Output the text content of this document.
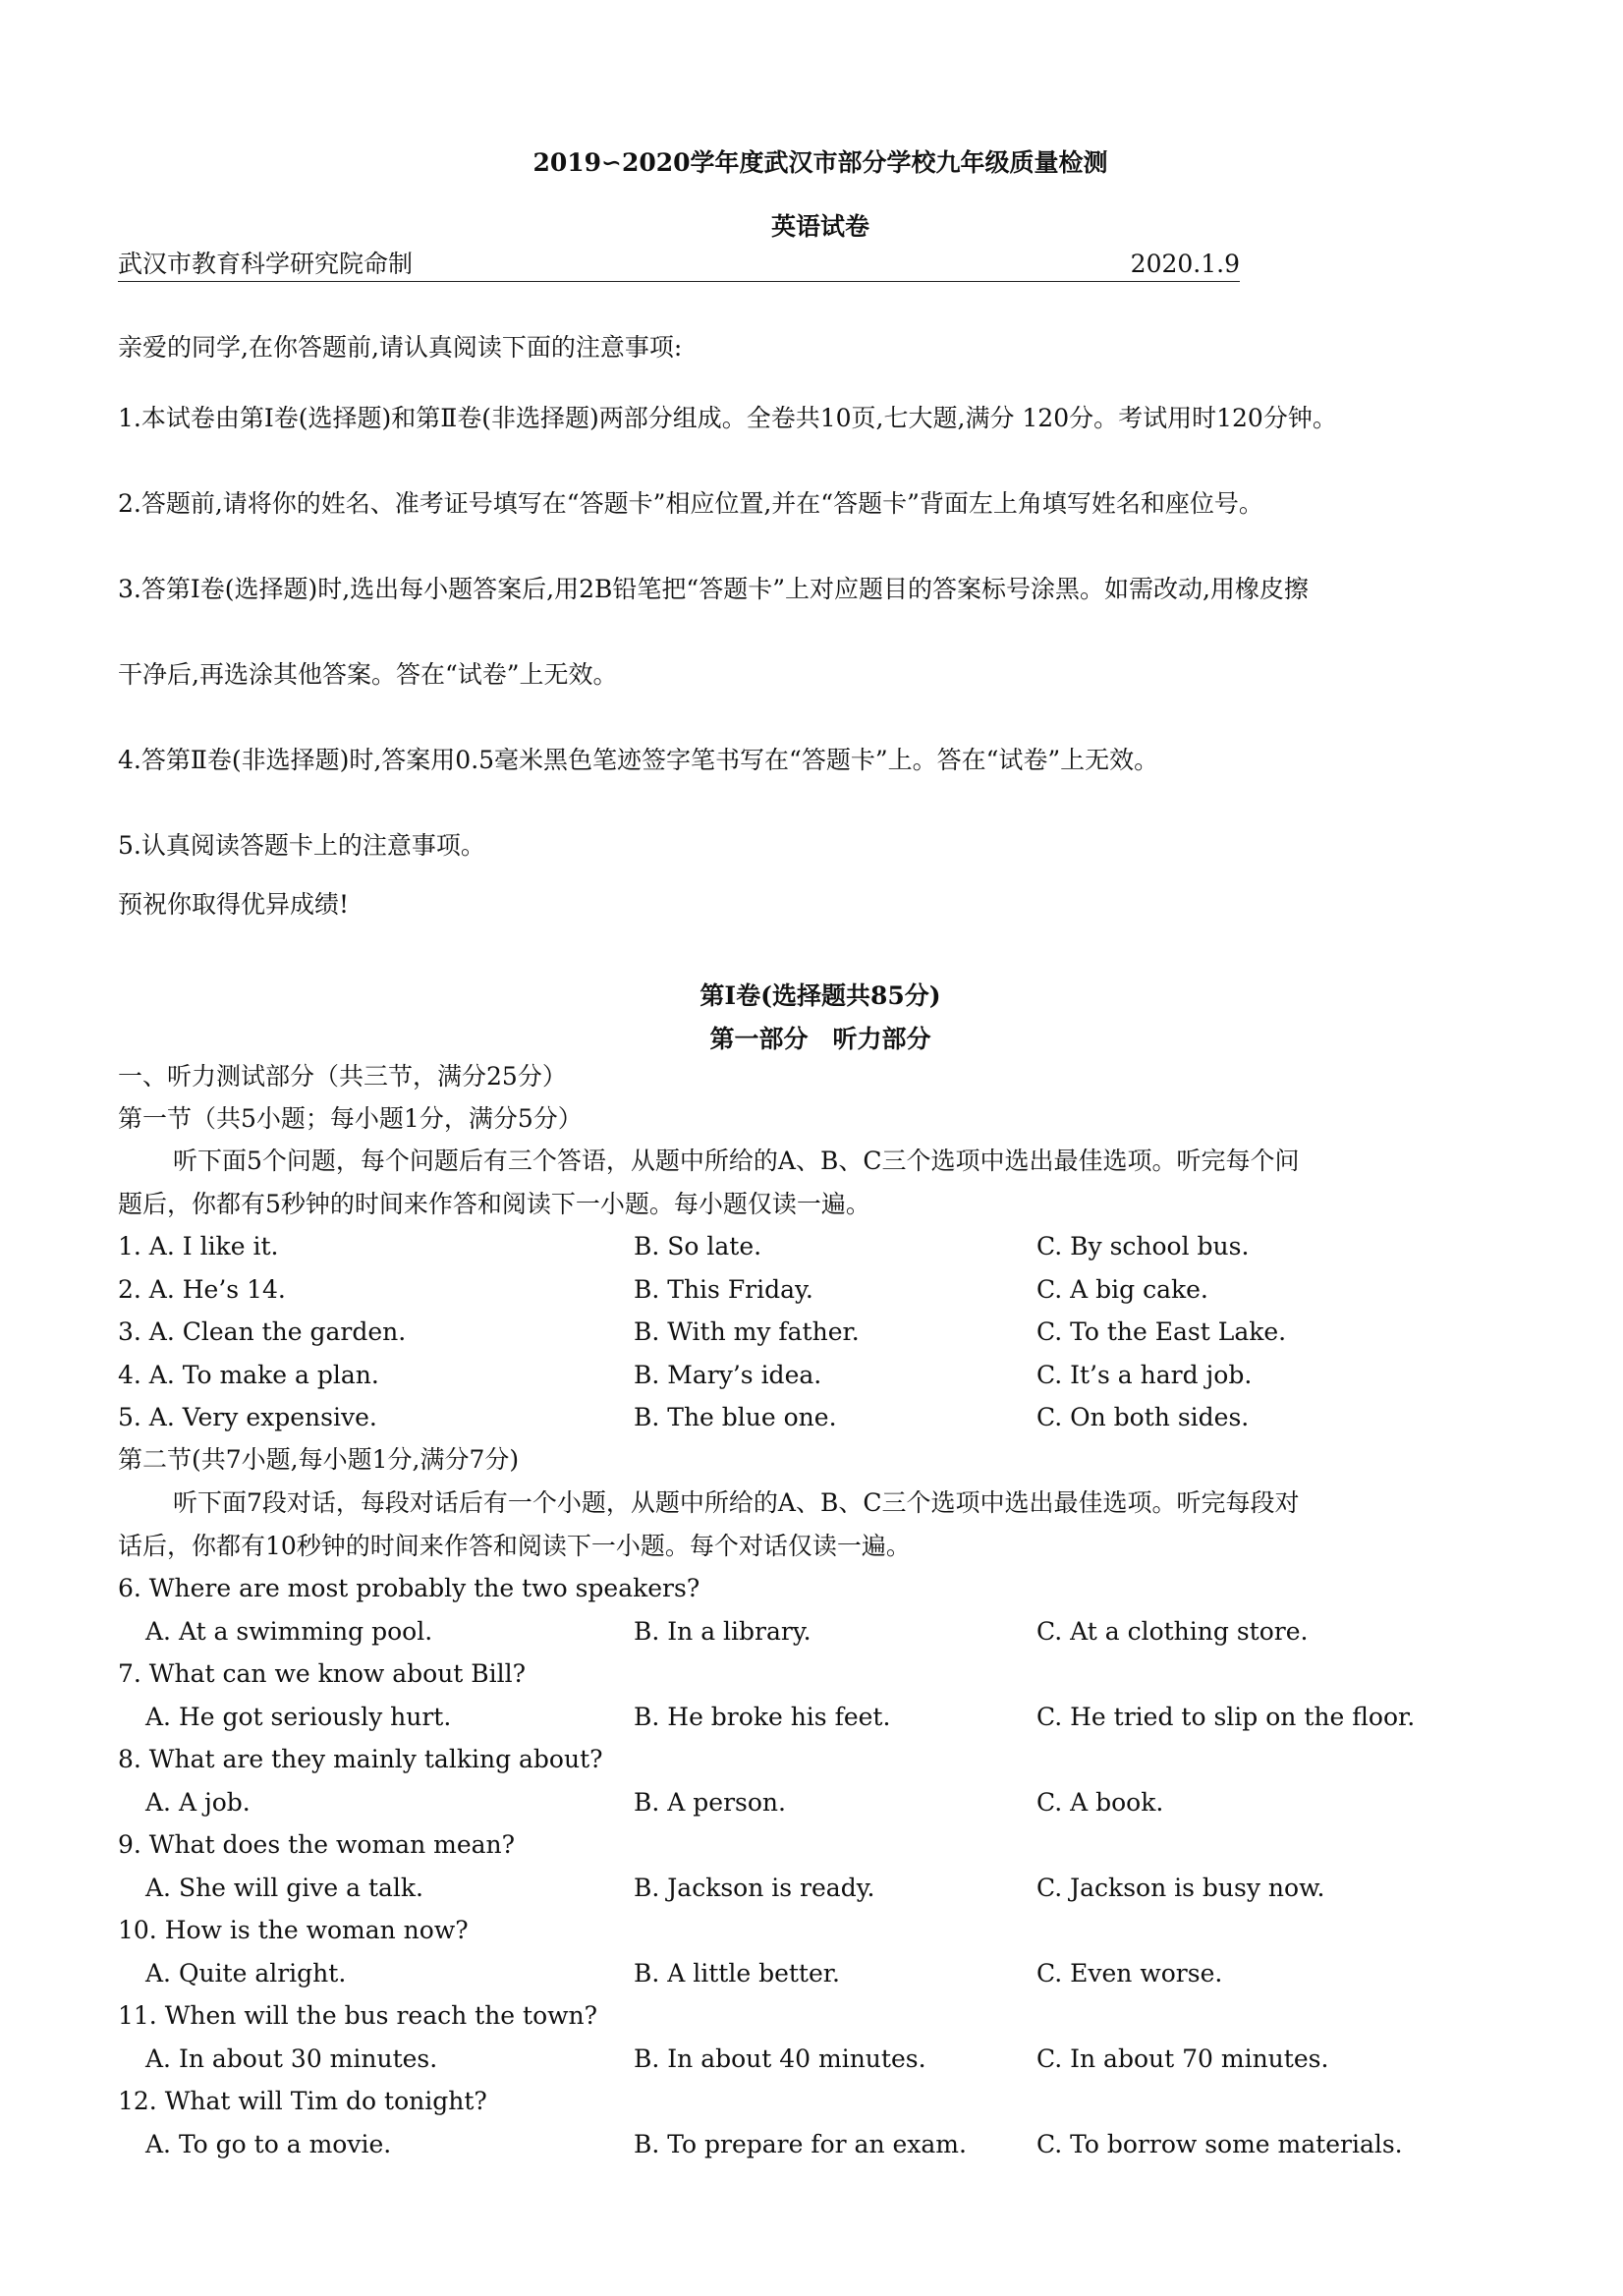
2019∽2020学年度武汉市部分学校九年级质量检测
英语试卷
武汉市教育科学研究院命制	2020.1.9
亲爱的同学,在你答题前,请认真阅读下面的注意事项:
1.本试卷由第Ⅰ卷(选择题)和第Ⅱ卷(非选择题)两部分组成。全卷共10页,七大题,满分 120分。考试用时120分钟。
2.答题前,请将你的姓名、准考证号填写在“答题卡”相应位置,并在“答题卡”背面左上角填写姓名和座位号。
3.答第Ⅰ卷(选择题)时,选出每小题答案后,用2B铅笔把“答题卡”上对应题目的答案标号涂黑。如需改动,用橡皮擦
干净后,再选涂其他答案。答在“试卷”上无效。
4.答第Ⅱ卷(非选择题)时,答案用0.5毫米黑色笔迹签字笔书写在“答题卡”上。答在“试卷”上无效。
5.认真阅读答题卡上的注意事项。
预祝你取得优异成绩!
第Ⅰ卷(选择题共85分)
第一部分　听力部分
一、听力测试部分（共三节，满分25分）
第一节（共5小题；每小题1分，满分5分）
听下面5个问题，每个问题后有三个答语，从题中所给的A、B、C三个选项中选出最佳选项。听完每个问
题后，你都有5秒钟的时间来作答和阅读下一小题。每小题仅读一遍。
1. A. I like it.	B. So late.	C. By school bus.
2. A. He’s 14.	B. This Friday.	C. A big cake.
3. A. Clean the garden.	B. With my father.	C. To the East Lake.
4. A. To make a plan.	B. Mary’s idea.	C. It’s a hard job.
5. A. Very expensive.	B. The blue one.	C. On both sides.
第二节(共7小题,每小题1分,满分7分)
听下面7段对话，每段对话后有一个小题，从题中所给的A、B、C三个选项中选出最佳选项。听完每段对
话后，你都有10秒钟的时间来作答和阅读下一小题。每个对话仅读一遍。
6. Where are most probably the two speakers?
A. At a swimming pool.	B. In a library.	C. At a clothing store.
7. What can we know about Bill?
A. He got seriously hurt.	B. He broke his feet.	C. He tried to slip on the floor.
8. What are they mainly talking about?
A. A job.	B. A person.	C. A book.
9. What does the woman mean?
A. She will give a talk.	B. Jackson is ready.	C. Jackson is busy now.
10. How is the woman now?
A. Quite alright.	B. A little better.	C. Even worse.
11. When will the bus reach the town?
A. In about 30 minutes.	B. In about 40 minutes.	C. In about 70 minutes.
12. What will Tim do tonight?
A. To go to a movie.	B. To prepare for an exam.	C. To borrow some materials.
